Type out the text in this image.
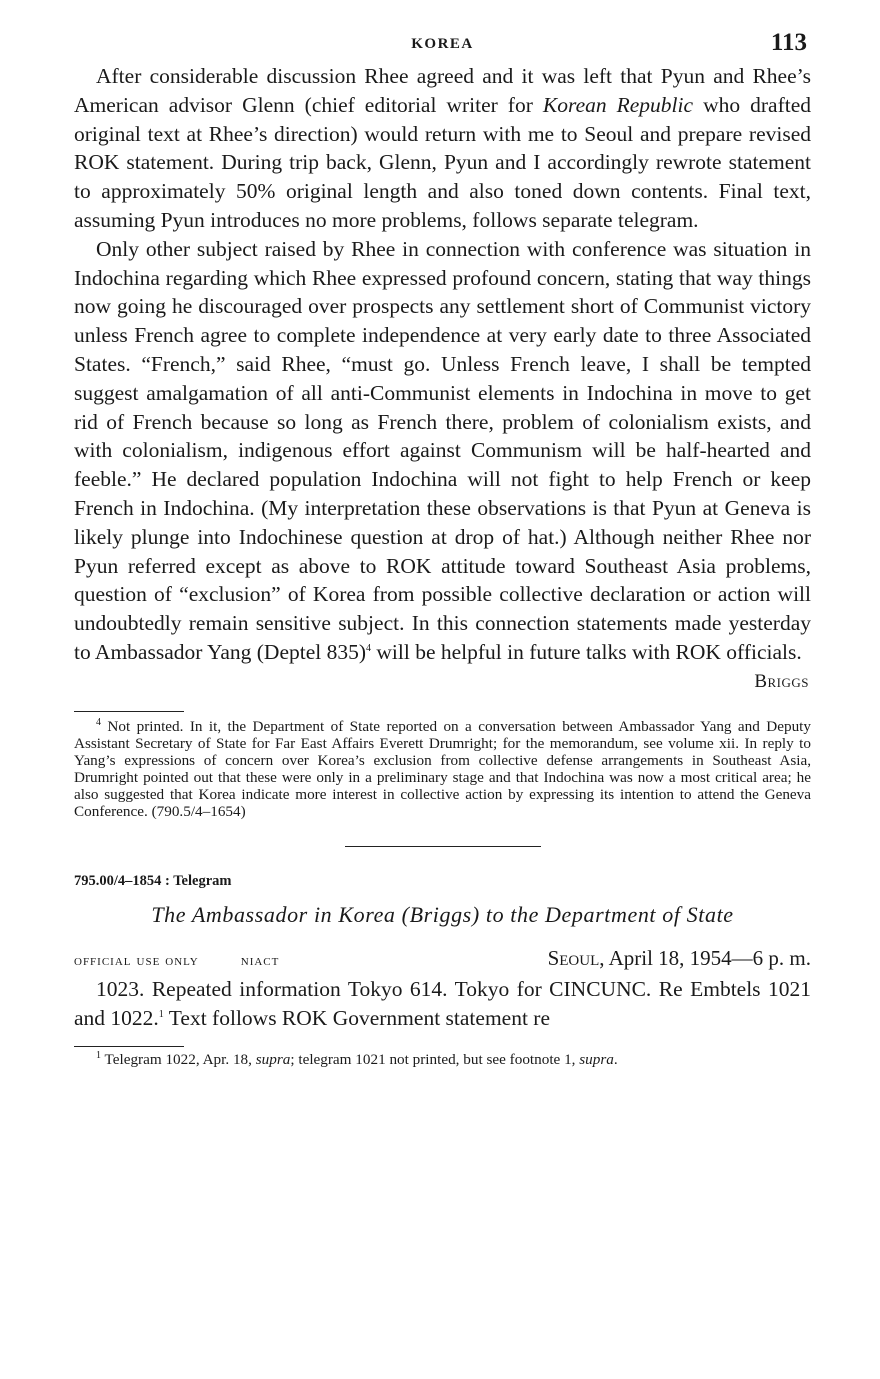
KOREA	113

After considerable discussion Rhee agreed and it was left that Pyun and Rhee’s American advisor Glenn (chief editorial writer for Korean Republic who drafted original text at Rhee’s direction) would return with me to Seoul and prepare revised ROK statement. During trip back, Glenn, Pyun and I accordingly rewrote statement to approximately 50% original length and also toned down contents. Final text, assuming Pyun introduces no more problems, follows separate telegram.

Only other subject raised by Rhee in connection with conference was situation in Indochina regarding which Rhee expressed profound concern, stating that way things now going he discouraged over prospects any settlement short of Communist victory unless French agree to complete independence at very early date to three Associated States. “French,” said Rhee, “must go. Unless French leave, I shall be tempted suggest amalgamation of all anti-Communist elements in Indochina in move to get rid of French because so long as French there, problem of colonialism exists, and with colonialism, indigenous effort against Communism will be half-hearted and feeble.” He declared population Indochina will not fight to help French or keep French in Indochina. (My interpretation these observations is that Pyun at Geneva is likely plunge into Indochinese question at drop of hat.) Although neither Rhee nor Pyun referred except as above to ROK attitude toward Southeast Asia problems, question of “exclusion” of Korea from possible collective declaration or action will undoubtedly remain sensitive subject. In this connection statements made yesterday to Ambassador Yang (Deptel 835)$^4$ will be helpful in future talks with ROK officials.

Briggs

$^4$ Not printed. In it, the Department of State reported on a conversation between Ambassador Yang and Deputy Assistant Secretary of State for Far East Affairs Everett Drumright; for the memorandum, see volume xii. In reply to Yang’s expressions of concern over Korea’s exclusion from collective defense arrangements in Southeast Asia, Drumright pointed out that these were only in a preliminary stage and that Indochina was now a most critical area; he also suggested that Korea indicate more interest in collective action by expressing its intention to attend the Geneva Conference. (790.5/4–1654)

795.00/4–1854 : Telegram
The Ambassador in Korea (Briggs) to the Department of State
official use only	niact	Seoul, April 18, 1954—6 p. m.

1023. Repeated information Tokyo 614. Tokyo for CINCUNC. Re Embtels 1021 and 1022.$^1$ Text follows ROK Government statement re

$^1$ Telegram 1022, Apr. 18, supra; telegram 1021 not printed, but see footnote 1, supra.
